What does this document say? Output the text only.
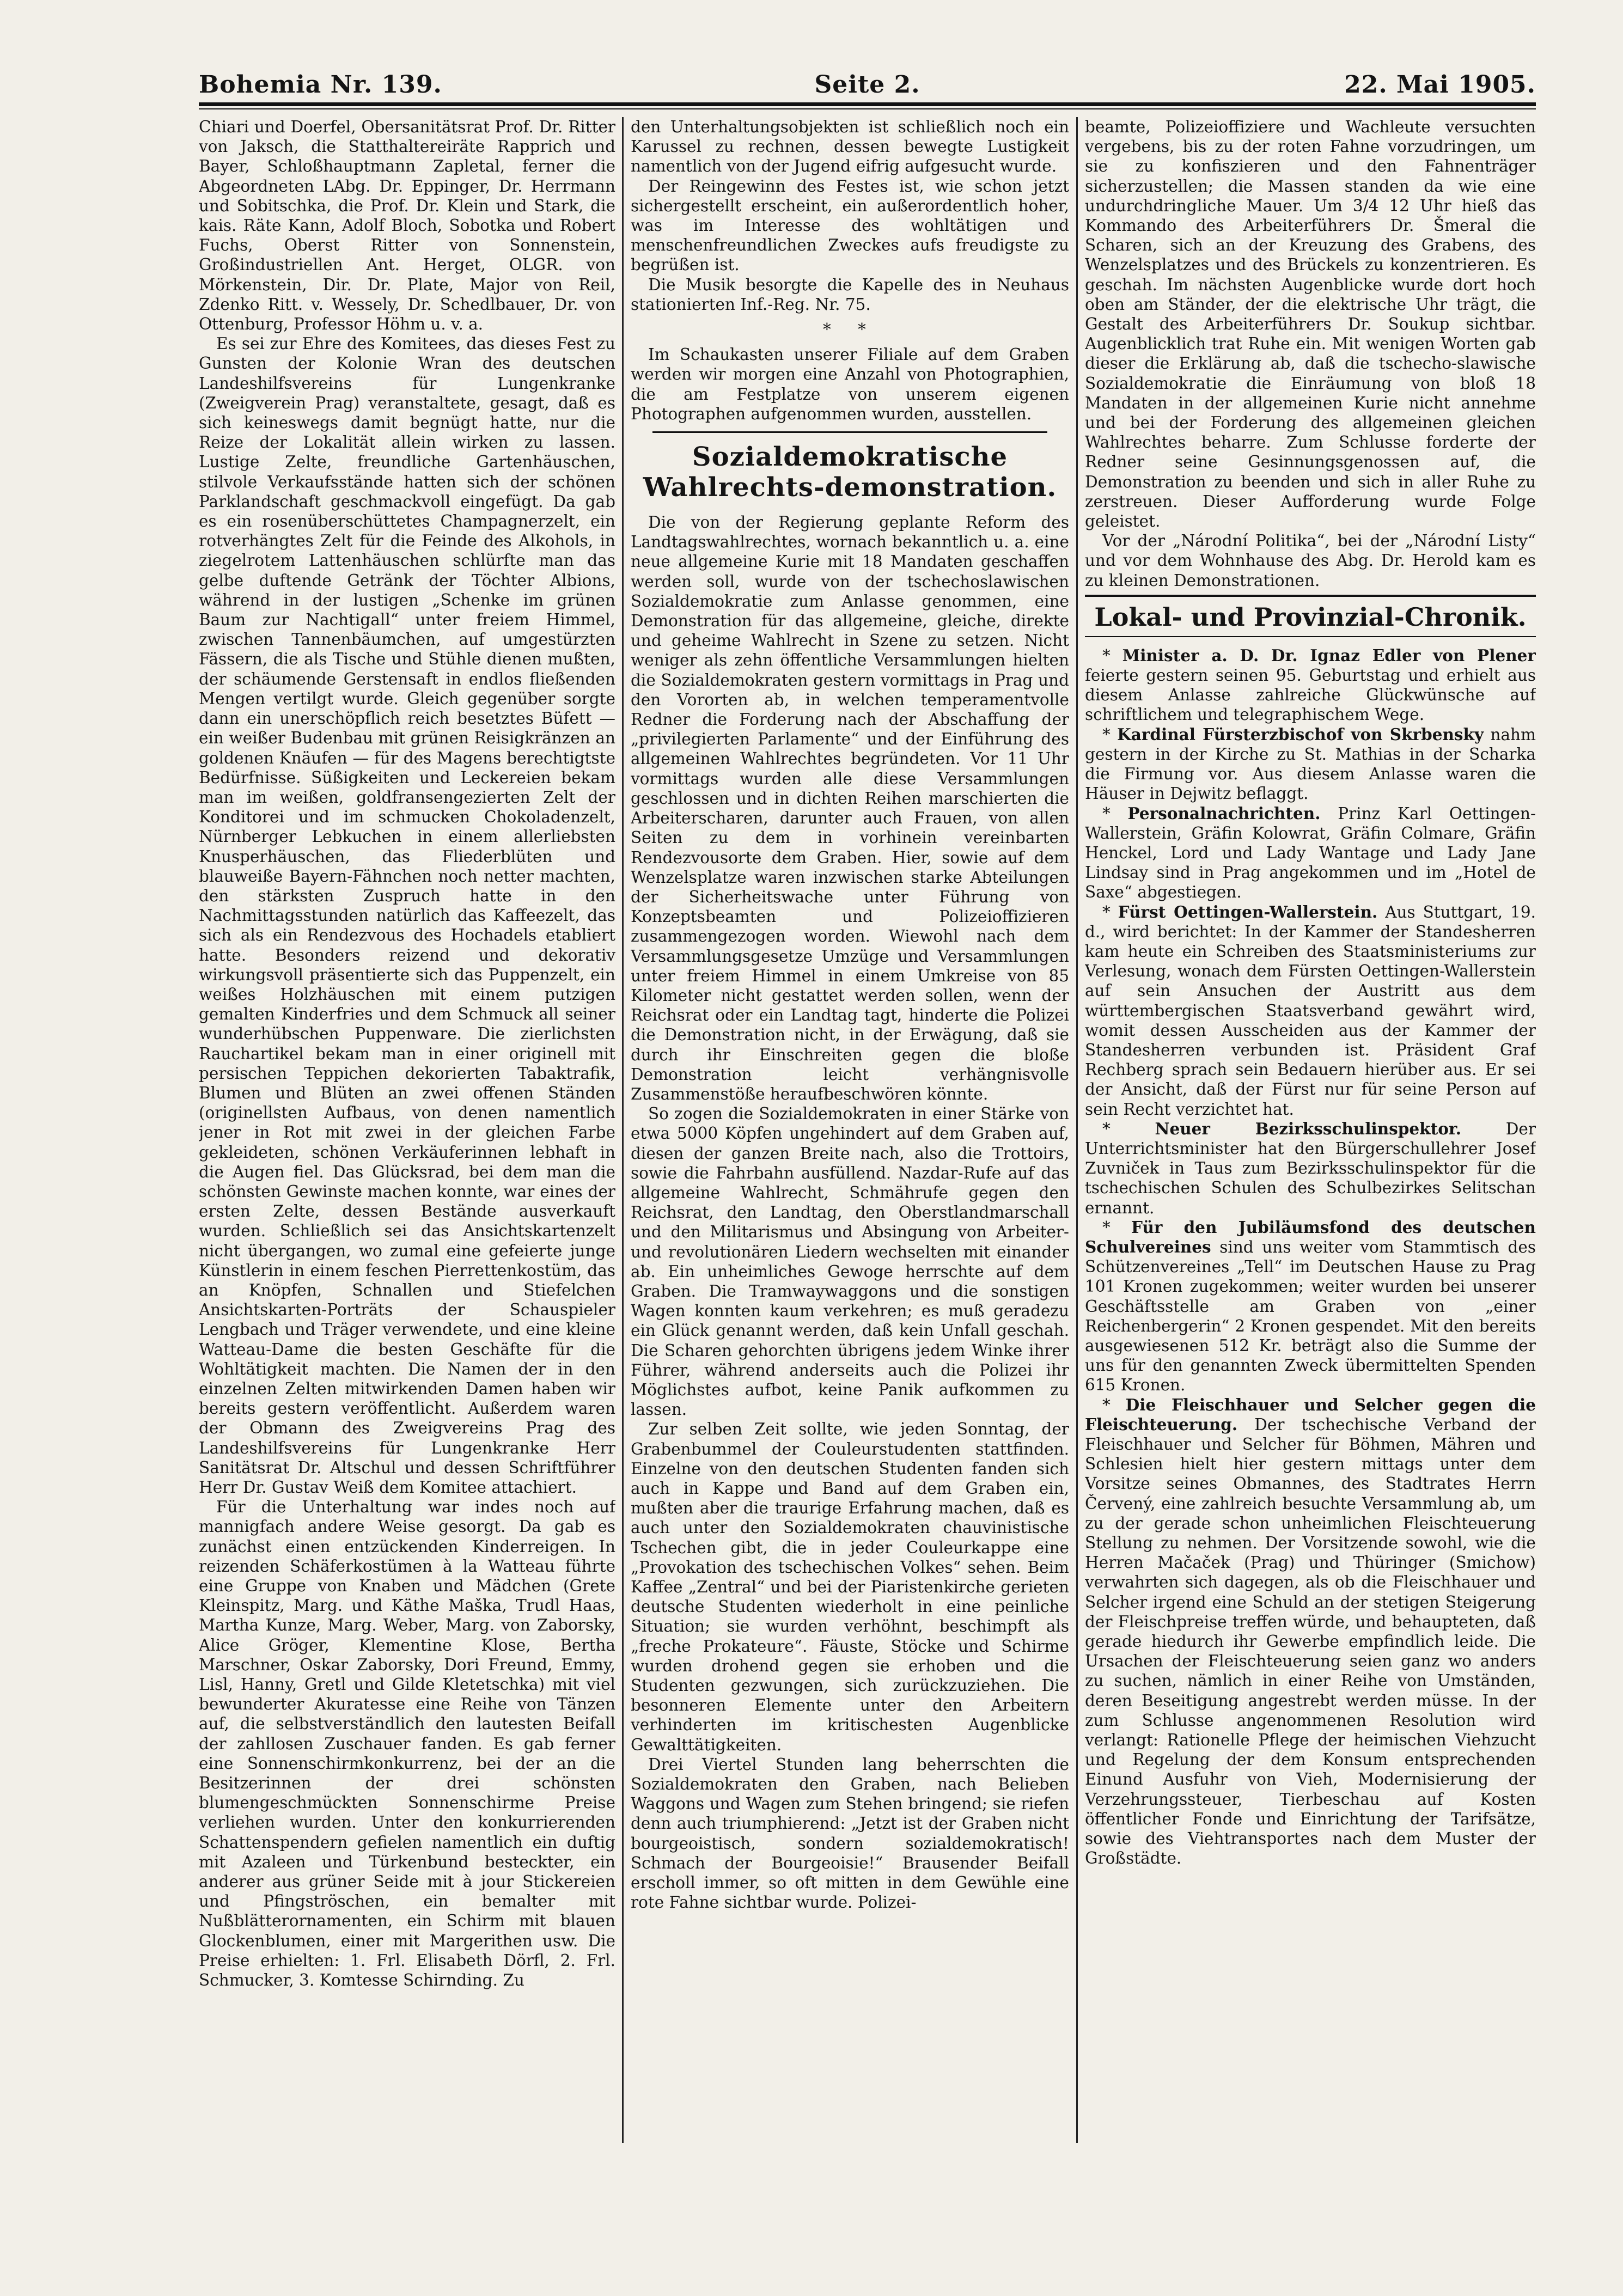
Bohemia Nr. 139.	Seite 2.	22. Mai 1905.

Chiari und Doerfel, Obersanitätsrat Prof. Dr. Ritter von Jaksch, die Statthaltereiräte Rapprich und Bayer, Schloßhauptmann Zapletal, ferner die Abgeordneten LAbg. Dr. Eppinger, Dr. Herrmann und Sobitschka, die Prof. Dr. Klein und Stark, die kais. Räte Kann, Adolf Bloch, Sobotka und Robert Fuchs, Oberst Ritter von Sonnenstein, Großindustriellen Ant. Herget, OLGR. von Mörkenstein, Dir. Dr. Plate, Major von Reil, Zdenko Ritt. v. Wessely, Dr. Schedlbauer, Dr. von Ottenburg, Professor Höhm u. v. a.

Es sei zur Ehre des Komitees, das dieses Fest zu Gunsten der Kolonie Wran des deutschen Landeshilfsvereins für Lungenkranke (Zweigverein Prag) veranstaltete, gesagt, daß es sich keineswegs damit begnügt hatte, nur die Reize der Lokalität allein wirken zu lassen. Lustige Zelte, freundliche Gartenhäuschen, stilvole Verkaufsstände hatten sich der schönen Parklandschaft geschmackvoll eingefügt. Da gab es ein rosenüberschüttetes Champagnerzelt, ein rotverhängtes Zelt für die Feinde des Alkohols, in ziegelrotem Lattenhäuschen schlürfte man das gelbe duftende Getränk der Töchter Albions, während in der lustigen „Schenke im grünen Baum zur Nachtigall“ unter freiem Himmel, zwischen Tannenbäumchen, auf umgestürzten Fässern, die als Tische und Stühle dienen mußten, der schäumende Gerstensaft in endlos fließenden Mengen vertilgt wurde. Gleich gegenüber sorgte dann ein unerschöpflich reich besetztes Büfett — ein weißer Budenbau mit grünen Reisigkränzen an goldenen Knäufen — für des Magens berechtigtste Bedürfnisse. Süßigkeiten und Leckereien bekam man im weißen, goldfransengezierten Zelt der Konditorei und im schmucken Chokoladenzelt, Nürnberger Lebkuchen in einem allerliebsten Knusperhäuschen, das Fliederblüten und blauweiße Bayern-Fähnchen noch netter machten, den stärksten Zuspruch hatte in den Nachmittagsstunden natürlich das Kaffeezelt, das sich als ein Rendezvous des Hochadels etabliert hatte. Besonders reizend und dekorativ wirkungsvoll präsentierte sich das Puppenzelt, ein weißes Holzhäuschen mit einem putzigen gemalten Kinderfries und dem Schmuck all seiner wunderhübschen Puppenware. Die zierlichsten Rauchartikel bekam man in einer originell mit persischen Teppichen dekorierten Tabaktrafik, Blumen und Blüten an zwei offenen Ständen (originellsten Aufbaus, von denen namentlich jener in Rot mit zwei in der gleichen Farbe gekleideten, schönen Verkäuferinnen lebhaft in die Augen fiel. Das Glücksrad, bei dem man die schönsten Gewinste machen konnte, war eines der ersten Zelte, dessen Bestände ausverkauft wurden. Schließlich sei das Ansichtskartenzelt nicht übergangen, wo zumal eine gefeierte junge Künstlerin in einem feschen Pierrettenkostüm, das an Knöpfen, Schnallen und Stiefelchen Ansichtskarten-Porträts der Schauspieler Lengbach und Träger verwendete, und eine kleine Watteau-Dame die besten Geschäfte für die Wohltätigkeit machten. Die Namen der in den einzelnen Zelten mitwirkenden Damen haben wir bereits gestern veröffentlicht. Außerdem waren der Obmann des Zweigvereins Prag des Landeshilfsvereins für Lungenkranke Herr Sanitätsrat Dr. Altschul und dessen Schriftführer Herr Dr. Gustav Weiß dem Komitee attachiert.

Für die Unterhaltung war indes noch auf mannigfach andere Weise gesorgt. Da gab es zunächst einen entzückenden Kinderreigen. In reizenden Schäferkostümen à la Watteau führte eine Gruppe von Knaben und Mädchen (Grete Kleinspitz, Marg. und Käthe Maška, Trudl Haas, Martha Kunze, Marg. Weber, Marg. von Zaborsky, Alice Gröger, Klementine Klose, Bertha Marschner, Oskar Zaborsky, Dori Freund, Emmy, Lisl, Hanny, Gretl und Gilde Kletetschka) mit viel bewunderter Akuratesse eine Reihe von Tänzen auf, die selbstverständlich den lautesten Beifall der zahllosen Zuschauer fanden. Es gab ferner eine Sonnenschirmkonkurrenz, bei der an die Besitzerinnen der drei schönsten blumengeschmückten Sonnenschirme Preise verliehen wurden. Unter den konkurrierenden Schattenspendern gefielen namentlich ein duftig mit Azaleen und Türkenbund besteckter, ein anderer aus grüner Seide mit à jour Stickereien und Pfingströschen, ein bemalter mit Nußblätterornamenten, ein Schirm mit blauen Glockenblumen, einer mit Margerithen usw. Die Preise erhielten: 1. Frl. Elisabeth Dörfl, 2. Frl. Schmucker, 3. Komtesse Schirnding. Zu

den Unterhaltungsobjekten ist schließlich noch ein Karussel zu rechnen, dessen bewegte Lustigkeit namentlich von der Jugend eifrig aufgesucht wurde.

Der Reingewinn des Festes ist, wie schon jetzt sichergestellt erscheint, ein außerordentlich hoher, was im Interesse des wohltätigen und menschenfreundlichen Zweckes aufs freudigste zu begrüßen ist.

Die Musik besorgte die Kapelle des in Neuhaus stationierten Inf.-Reg. Nr. 75.

* *

Im Schaukasten unserer Filiale auf dem Graben werden wir morgen eine Anzahl von Photographien, die am Festplatze von unserem eigenen Photographen aufgenommen wurden, ausstellen.

Sozialdemokratische Wahlrechts-demonstration.

Die von der Regierung geplante Reform des Landtagswahlrechtes, wornach bekanntlich u. a. eine neue allgemeine Kurie mit 18 Mandaten geschaffen werden soll, wurde von der tschechoslawischen Sozialdemokratie zum Anlasse genommen, eine Demonstration für das allgemeine, gleiche, direkte und geheime Wahlrecht in Szene zu setzen. Nicht weniger als zehn öffentliche Versammlungen hielten die Sozialdemokraten gestern vormittags in Prag und den Vororten ab, in welchen temperamentvolle Redner die Forderung nach der Abschaffung der „privilegierten Parlamente“ und der Einführung des allgemeinen Wahlrechtes begründeten. Vor 11 Uhr vormittags wurden alle diese Versammlungen geschlossen und in dichten Reihen marschierten die Arbeiterscharen, darunter auch Frauen, von allen Seiten zu dem in vorhinein vereinbarten Rendezvousorte dem Graben. Hier, sowie auf dem Wenzelsplatze waren inzwischen starke Abteilungen der Sicherheitswache unter Führung von Konzeptsbeamten und Polizeioffizieren zusammengezogen worden. Wiewohl nach dem Versammlungsgesetze Umzüge und Versammlungen unter freiem Himmel in einem Umkreise von 85 Kilometer nicht gestattet werden sollen, wenn der Reichsrat oder ein Landtag tagt, hinderte die Polizei die Demonstration nicht, in der Erwägung, daß sie durch ihr Einschreiten gegen die bloße Demonstration leicht verhängnisvolle Zusammenstöße heraufbeschwören könnte.

So zogen die Sozialdemokraten in einer Stärke von etwa 5000 Köpfen ungehindert auf dem Graben auf, diesen der ganzen Breite nach, also die Trottoirs, sowie die Fahrbahn ausfüllend. Nazdar-Rufe auf das allgemeine Wahlrecht, Schmährufe gegen den Reichsrat, den Landtag, den Oberstlandmarschall und den Militarismus und Absingung von Arbeiter- und revolutionären Liedern wechselten mit einander ab. Ein unheimliches Gewoge herrschte auf dem Graben. Die Tramwaywaggons und die sonstigen Wagen konnten kaum verkehren; es muß geradezu ein Glück genannt werden, daß kein Unfall geschah. Die Scharen gehorchten übrigens jedem Winke ihrer Führer, während anderseits auch die Polizei ihr Möglichstes aufbot, keine Panik aufkommen zu lassen.

Zur selben Zeit sollte, wie jeden Sonntag, der Grabenbummel der Couleurstudenten stattfinden. Einzelne von den deutschen Studenten fanden sich auch in Kappe und Band auf dem Graben ein, mußten aber die traurige Erfahrung machen, daß es auch unter den Sozialdemokraten chauvinistische Tschechen gibt, die in jeder Couleurkappe eine „Provokation des tschechischen Volkes“ sehen. Beim Kaffee „Zentral“ und bei der Piaristenkirche gerieten deutsche Studenten wiederholt in eine peinliche Situation; sie wurden verhöhnt, beschimpft als „freche Prokateure“. Fäuste, Stöcke und Schirme wurden drohend gegen sie erhoben und die Studenten gezwungen, sich zurückzuziehen. Die besonneren Elemente unter den Arbeitern verhinderten im kritischesten Augenblicke Gewalttätigkeiten.

Drei Viertel Stunden lang beherrschten die Sozialdemokraten den Graben, nach Belieben Waggons und Wagen zum Stehen bringend; sie riefen denn auch triumphierend: „Jetzt ist der Graben nicht bourgeoistisch, sondern sozialdemokratisch! Schmach der Bourgeoisie!“ Brausender Beifall erscholl immer, so oft mitten in dem Gewühle eine rote Fahne sichtbar wurde. Polizei-

beamte, Polizeioffiziere und Wachleute versuchten vergebens, bis zu der roten Fahne vorzudringen, um sie zu konfiszieren und den Fahnenträger sicherzustellen; die Massen standen da wie eine undurchdringliche Mauer. Um 3/4 12 Uhr hieß das Kommando des Arbeiterführers Dr. Šmeral die Scharen, sich an der Kreuzung des Grabens, des Wenzelsplatzes und des Brückels zu konzentrieren. Es geschah. Im nächsten Augenblicke wurde dort hoch oben am Ständer, der die elektrische Uhr trägt, die Gestalt des Arbeiterführers Dr. Soukup sichtbar. Augenblicklich trat Ruhe ein. Mit wenigen Worten gab dieser die Erklärung ab, daß die tschecho-slawische Sozialdemokratie die Einräumung von bloß 18 Mandaten in der allgemeinen Kurie nicht annehme und bei der Forderung des allgemeinen gleichen Wahlrechtes beharre. Zum Schlusse forderte der Redner seine Gesinnungsgenossen auf, die Demonstration zu beenden und sich in aller Ruhe zu zerstreuen. Dieser Aufforderung wurde Folge geleistet.

Vor der „Národní Politika“, bei der „Národní Listy“ und vor dem Wohnhause des Abg. Dr. Herold kam es zu kleinen Demonstrationen.

Lokal- und Provinzial-Chronik.

* Minister a. D. Dr. Ignaz Edler von Plener feierte gestern seinen 95. Geburtstag und erhielt aus diesem Anlasse zahlreiche Glückwünsche auf schriftlichem und telegraphischem Wege.

* Kardinal Fürsterzbischof von Skrbensky nahm gestern in der Kirche zu St. Mathias in der Scharka die Firmung vor. Aus diesem Anlasse waren die Häuser in Dejwitz beflaggt.

* Personalnachrichten. Prinz Karl Oettingen-Wallerstein, Gräfin Kolowrat, Gräfin Colmare, Gräfin Henckel, Lord und Lady Wantage und Lady Jane Lindsay sind in Prag angekommen und im „Hotel de Saxe“ abgestiegen.

* Fürst Oettingen-Wallerstein. Aus Stuttgart, 19. d., wird berichtet: In der Kammer der Standesherren kam heute ein Schreiben des Staatsministeriums zur Verlesung, wonach dem Fürsten Oettingen-Wallerstein auf sein Ansuchen der Austritt aus dem württembergischen Staatsverband gewährt wird, womit dessen Ausscheiden aus der Kammer der Standesherren verbunden ist. Präsident Graf Rechberg sprach sein Bedauern hierüber aus. Er sei der Ansicht, daß der Fürst nur für seine Person auf sein Recht verzichtet hat.

* Neuer Bezirksschulinspektor. Der Unterrichtsminister hat den Bürgerschullehrer Josef Zuvniček in Taus zum Bezirksschulinspektor für die tschechischen Schulen des Schulbezirkes Selitschan ernannt.

* Für den Jubiläumsfond des deutschen Schulvereines sind uns weiter vom Stammtisch des Schützenvereines „Tell“ im Deutschen Hause zu Prag 101 Kronen zugekommen; weiter wurden bei unserer Geschäftsstelle am Graben von „einer Reichenbergerin“ 2 Kronen gespendet. Mit den bereits ausgewiesenen 512 Kr. beträgt also die Summe der uns für den genannten Zweck übermittelten Spenden 615 Kronen.

* Die Fleischhauer und Selcher gegen die Fleischteuerung. Der tschechische Verband der Fleischhauer und Selcher für Böhmen, Mähren und Schlesien hielt hier gestern mittags unter dem Vorsitze seines Obmannes, des Stadtrates Herrn Červený, eine zahlreich besuchte Versammlung ab, um zu der gerade schon unheimlichen Fleischteuerung Stellung zu nehmen. Der Vorsitzende sowohl, wie die Herren Mačaček (Prag) und Thüringer (Smichow) verwahrten sich dagegen, als ob die Fleischhauer und Selcher irgend eine Schuld an der stetigen Steigerung der Fleischpreise treffen würde, und behaupteten, daß gerade hiedurch ihr Gewerbe empfindlich leide. Die Ursachen der Fleischteuerung seien ganz wo anders zu suchen, nämlich in einer Reihe von Umständen, deren Beseitigung angestrebt werden müsse. In der zum Schlusse angenommenen Resolution wird verlangt: Rationelle Pflege der heimischen Viehzucht und Regelung der dem Konsum entsprechenden Einund Ausfuhr von Vieh, Modernisierung der Verzehrungssteuer, Tierbeschau auf Kosten öffentlicher Fonde und Einrichtung der Tarifsätze, sowie des Viehtransportes nach dem Muster der Großstädte.
